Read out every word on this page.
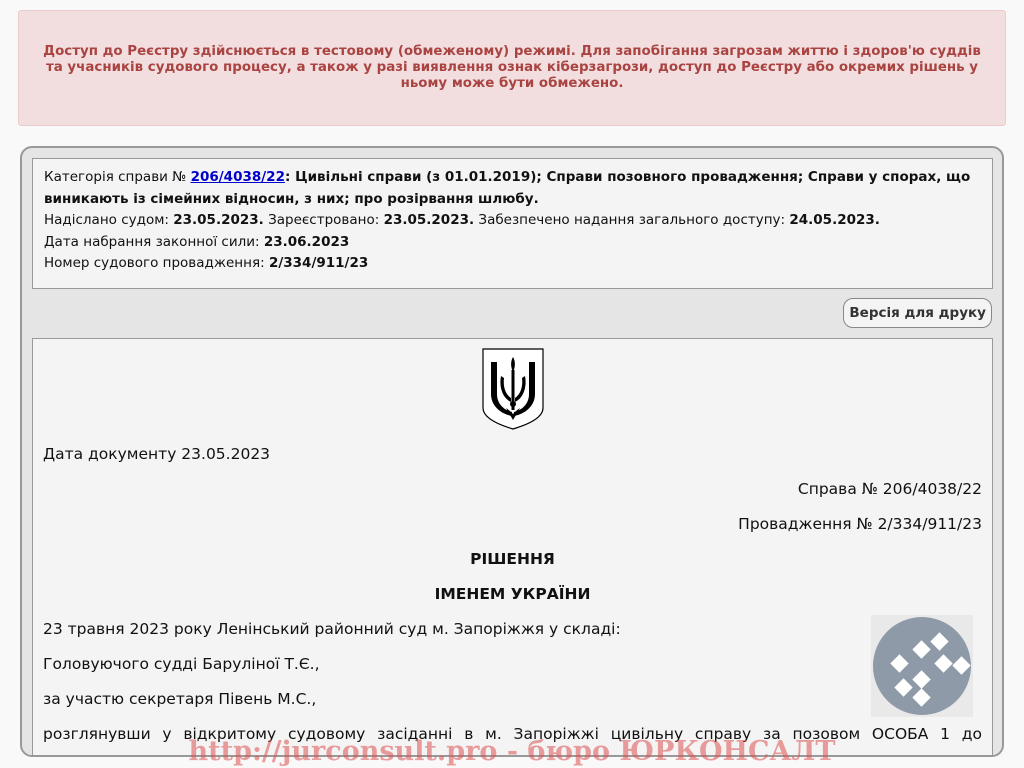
Доступ до Реєстру здійснюється в тестовому (обмеженому) режимі. Для запобігання загрозам життю і здоров'ю суддів та учасників судового процесу, а також у разі виявлення ознак кіберзагрози, доступ до Реєстру або окремих рішень у ньому може бути обмежено.

Категорія справи № 206/4038/22: Цивільні справи (з 01.01.2019); Справи позовного провадження; Справи у спорах, що виникають із сімейних відносин, з них; про розірвання шлюбу.
Надіслано судом: 23.05.2023. Зареєстровано: 23.05.2023. Забезпечено надання загального доступу: 24.05.2023.
Дата набрання законної сили: 23.06.2023
Номер судового провадження: 2/334/911/23
Версія для друку
Дата документу 23.05.2023
Справа № 206/4038/22
Провадження № 2/334/911/23
РІШЕННЯ
ІМЕНЕМ УКРАЇНИ
23 травня 2023 року Ленінський районний суд м. Запоріжжя у складі:
Головуючого судді Баруліної Т.Є.,
за участю секретаря Півень М.С.,
розглянувши у відкритому судовому засіданні в м. Запоріжжі цивільну справу за позовом ОСОБА 1 до
http://jurconsult.pro - бюро ЮРКОНСАЛТ
